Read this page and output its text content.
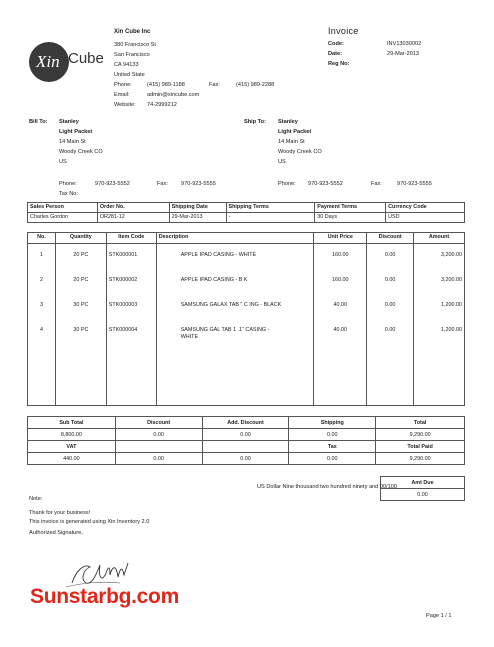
Xin Cube
Xin Cube Inc
380 Francisco St
San Francisco
CA 94133
United State
Phone:	(415) 989-1188	Fax:	(415) 989-2288
Email:	admin@xincube.com
Website: 74-2999212
Invoice
Code:	INV13030002
Date:	29-Mar-2013
Reg No:
Bill To: Stanley
Light Packet
14 Main St
Woody Creek CO
US
Phone:	970-923-5552	Fax: 970-923-5555
Tax No:
Ship To: Stanley
Light Packet
14 Main St
Woody Creek CO
US
Phone: 970-923-5552	Fax:	970-923-5555
Sales Person	Order No.	Shipping Date	Shipping Terms	Payment Terms	Currency Code
Charles Gordon	OR281-12	29-Mar-2013	-	30 Days	USD
No.	Quantity	Item Code	Description	Unit Price	Discount	Amount
1	20 PC	STK000001	APPLE IPAD CASING - WHITE	160.00	0.00	3,200.00
2	20 PC	STK000002	APPLE IPAD CASING - B K	160.00	0.00	3,200.00
3	30 PC	STK000003	SAMSUNG GALAX TAB " C ING - BLACK	40.00	0.00	1,200.00
4	30 PC	STK000004	SAMSUNG GAL TAB 1 .1" CASING - WHITE	40.00	0.00	1,200.00

Sub Total	Discount	Add. Discount	Shipping	Total
8,800.00	0.00	0.00	0.00	9,290.00
VAT			Tax	Total Paid
440.00	0.00	0.00	0.00	9,290.00
Amt Due
0.00
Note:
US Dollar Nine thousand two hundred ninety and 00/100
Thank for your business!
This invoice is generated using Xin Inventory 2.0
Authorized Signature,
Sunstarbg.com
Page 1 / 1
